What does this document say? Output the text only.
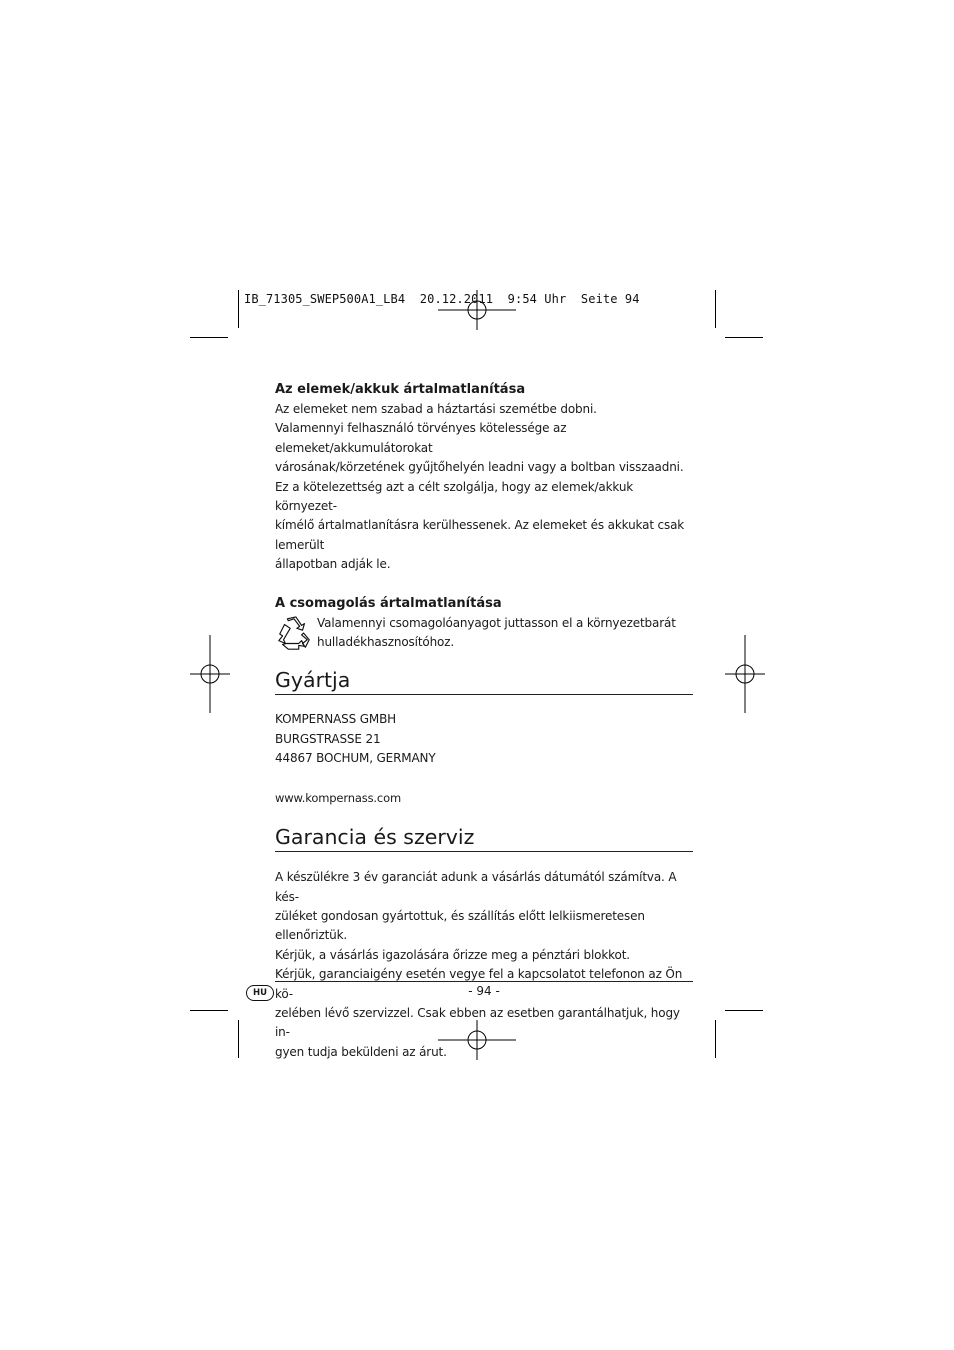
IB_71305_SWEP500A1_LB4  20.12.2011  9:54 Uhr  Seite 94
Az elemek/akkuk ártalmatlanítása

Az elemeket nem szabad a háztartási szemétbe dobni.

Valamennyi felhasználó törvényes kötelessége az elemeket/akkumulátorokat

városának/körzetének gyűjtőhelyén leadni vagy a boltban visszaadni.

Ez a kötelezettség azt a célt szolgálja, hogy az elemek/akkuk környezet-

kímélő ártalmatlanításra kerülhessenek. Az elemeket és akkukat csak lemerült

állapotban adják le.

A csomagolás ártalmatlanítása

Valamennyi csomagolóanyagot juttasson el a környezetbarát

hulladékhasznosítóhoz.

Gyártja

KOMPERNASS GMBH

BURGSTRASSE 21

44867 BOCHUM, GERMANY

www.kompernass.com

Garancia és szerviz

A készülékre 3 év garanciát adunk a vásárlás dátumától számítva. A kés-

züléket gondosan gyártottuk, és szállítás előtt lelkiismeretesen ellenőriztük.

Kérjük, a vásárlás igazolására őrizze meg a pénztári blokkot.

Kérjük, garanciaigény esetén vegye fel a kapcsolatot telefonon az Ön kö-

zelében lévő szervizzel. Csak ebben az esetben garantálhatjuk, hogy in-

gyen tudja beküldeni az árut.

HU	- 94 -
